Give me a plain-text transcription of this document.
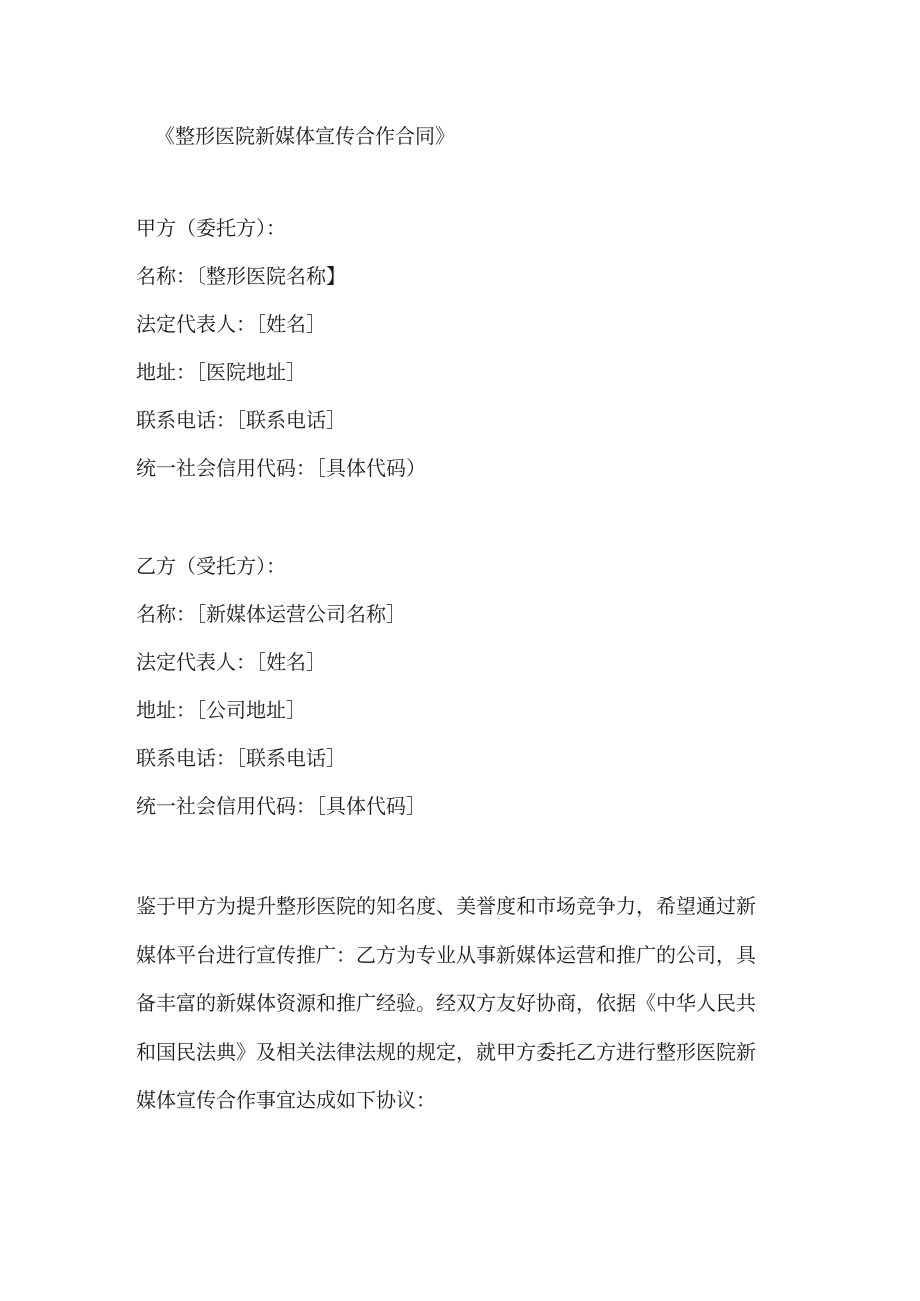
《整形医院新媒体宣传合作合同》
甲方（委托方）：
名称：〔整形医院名称】
法定代表人：［姓名］
地址：［医院地址］
联系电话：［联系电话］
统一社会信用代码：［具体代码）
乙方（受托方）：
名称：［新媒体运营公司名称］
法定代表人：［姓名］
地址：［公司地址］
联系电话：［联系电话］
统一社会信用代码：［具体代码］
鉴于甲方为提升整形医院的知名度、美誉度和市场竞争力，希望通过新
媒体平台进行宣传推广：乙方为专业从事新媒体运营和推广的公司，具
备丰富的新媒体资源和推广经验。经双方友好协商，依据《中华人民共
和国民法典》及相关法律法规的规定，就甲方委托乙方进行整形医院新
媒体宣传合作事宜达成如下协议：
